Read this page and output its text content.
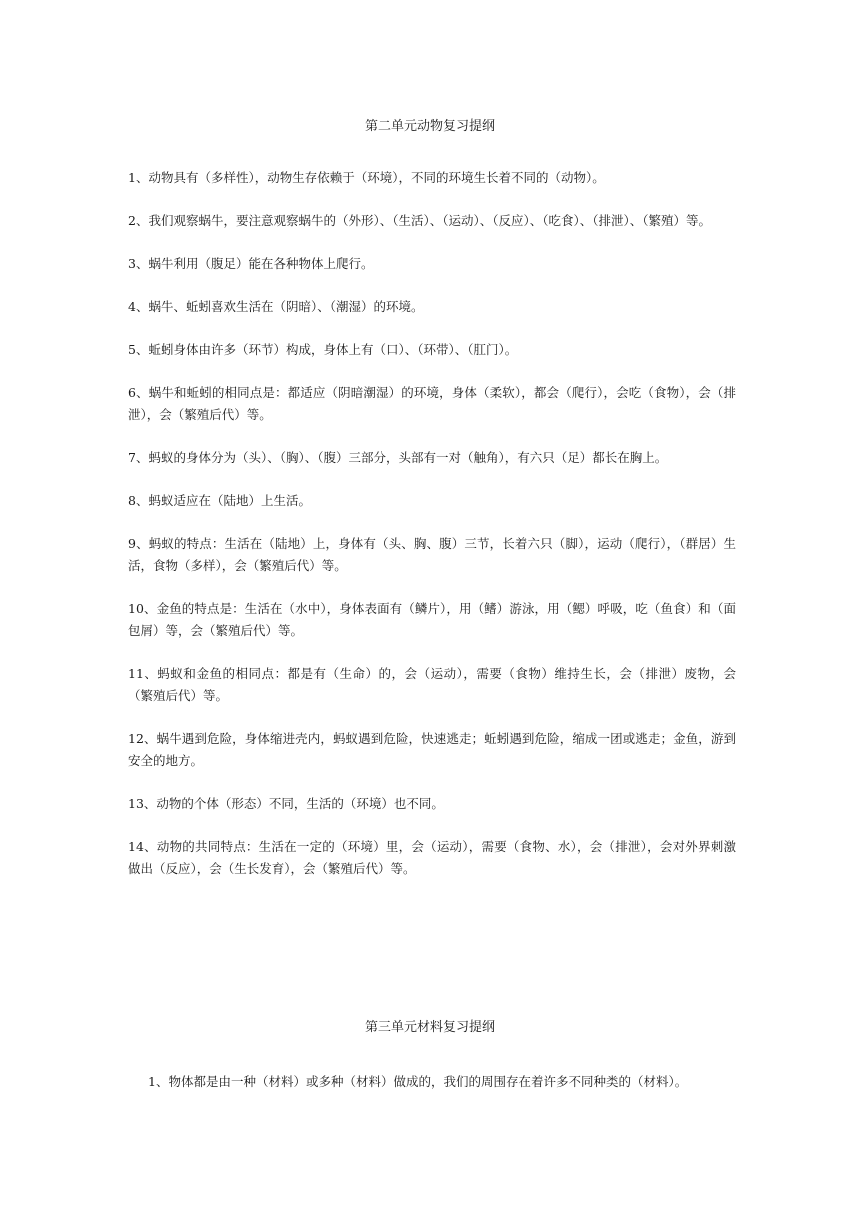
第二单元动物复习提纲
1、动物具有（多样性），动物生存依赖于（环境），不同的环境生长着不同的（动物）。
2、我们观察蜗牛，要注意观察蜗牛的（外形）、（生活）、（运动）、（反应）、（吃食）、（排泄）、（繁殖）等。
3、蜗牛利用（腹足）能在各种物体上爬行。
4、蜗牛、蚯蚓喜欢生活在（阴暗）、（潮湿）的环境。
5、蚯蚓身体由许多（环节）构成，身体上有（口）、（环带）、（肛门）。
6、蜗牛和蚯蚓的相同点是：都适应（阴暗潮湿）的环境，身体（柔软），都会（爬行），会吃（食物），会（排泄），会（繁殖后代）等。
7、蚂蚁的身体分为（头）、（胸）、（腹）三部分，头部有一对（触角），有六只（足）都长在胸上。
8、蚂蚁适应在（陆地）上生活。
9、蚂蚁的特点：生活在（陆地）上，身体有（头、胸、腹）三节，长着六只（脚），运动（爬行），（群居）生活，食物（多样），会（繁殖后代）等。
10、金鱼的特点是：生活在（水中），身体表面有（鳞片），用（鳍）游泳，用（鳃）呼吸，吃（鱼食）和（面包屑）等，会（繁殖后代）等。
11、蚂蚁和金鱼的相同点：都是有（生命）的，会（运动），需要（食物）维持生长，会（排泄）废物，会（繁殖后代）等。
12、蜗牛遇到危险，身体缩进壳内，蚂蚁遇到危险，快速逃走；蚯蚓遇到危险，缩成一团或逃走；金鱼，游到安全的地方。
13、动物的个体（形态）不同，生活的（环境）也不同。
14、动物的共同特点：生活在一定的（环境）里，会（运动），需要（食物、水），会（排泄），会对外界刺激做出（反应），会（生长发育），会（繁殖后代）等。
第三单元材料复习提纲
1、物体都是由一种（材料）或多种（材料）做成的，我们的周围存在着许多不同种类的（材料）。
